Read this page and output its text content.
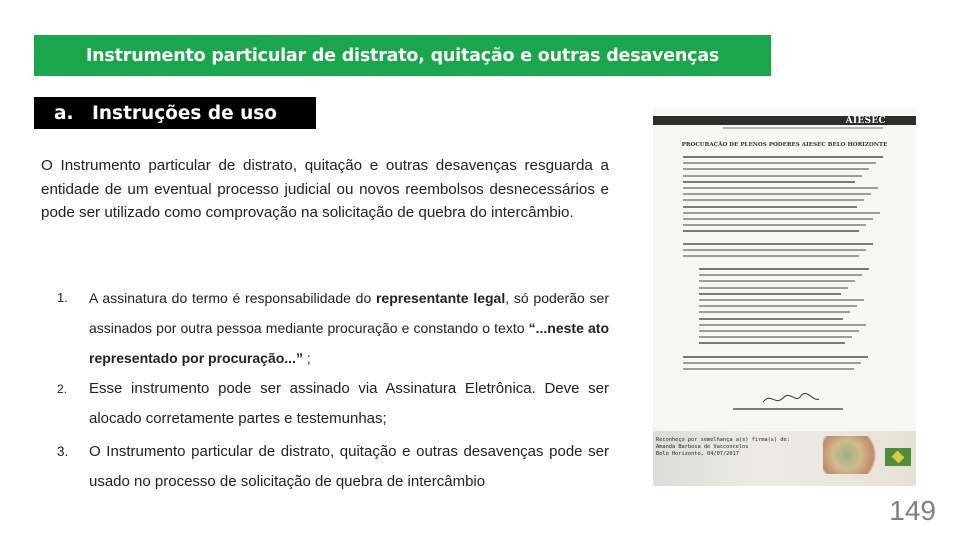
Instrumento particular de distrato, quitação e outras desavenças
a. Instruções de uso

O Instrumento particular de distrato, quitação e outras desavenças resguarda a entidade de um eventual processo judicial ou novos reembolsos desnecessários e pode ser utilizado como comprovação na solicitação de quebra do intercâmbio.

1.	A assinatura do termo é responsabilidade do representante legal, só poderão ser assinados por outra pessoa mediante procuração e constando o texto “...neste ato representado por procuração...” ;
2.	Esse instrumento pode ser assinado via Assinatura Eletrônica. Deve ser alocado corretamente partes e testemunhas;
3.	O Instrumento particular de distrato, quitação e outras desavenças pode ser usado no processo de solicitação de quebra de intercâmbio
AIESEC
PROCURAÇÃO DE PLENOS PODERES AIESEC BELO HORIZONTE
Reconheço por semelhança a(s) firma(s) de:
Amanda Barbosa de Vasconcelos
Belo Horizonte, 04/07/2017
149
